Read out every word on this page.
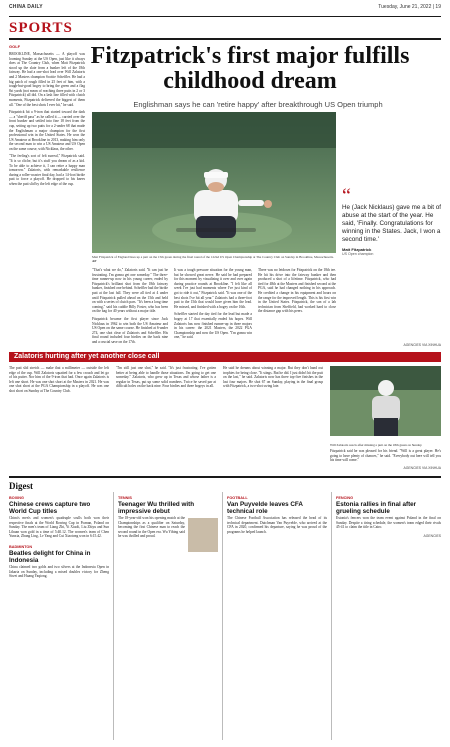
CHINA DAILY	Tuesday, June 21, 2022 | 19
SPORTS
GOLF

BROOKLINE, Massachusetts — A playoff was looming Sunday at the US Open, just like it always does at The Country Club, when Matt Fitzpatrick stood up the slate from a bunker left of the 18th fairway. He had a one-shot lead over Will Zalatoris and 2 Masters champion Scottie Scheffler. He had a big patch of rough filled in 25 feet of him, with a tough-but-good bogey to bring the green and a flag 8st yards (not mean of reaching three putts in 2 or 3 Fitzpatrick) all did. On a lash line filled with clutch moments, Fitzpatrick delivered the biggest of them all. "One of the best shots I ever hit," he said.

Fitzpatrick hit a 9-iron that started toward the dark — a "sheriff pass" as he called it — carried over the front bunker and settled into fine 18 feet from the cup, setting up two putts for a 2-under 68 that made the Englishman a major champion for the first professional win in the United States. He won the US Amateur at Brookline in 2013, making him only the second man to win a US Amateur and US Open on the same course, with Nicklaus, the other.

"The feeling's sort of felt surreal," Fitzpatrick said. "It is so cliche, but it's stuff you dream of as a kid. To be able to achieve it, I can retire a happy man tomorrow." Zalatoris, with remarkable resilience during a roller-coaster final day, had a 14-foot birdie putt to force a playoff. He dropped to his knees when the putt slid by the left edge of the cup.

Fitzpatrick's first major fulfills childhood dream
Englishman says he can 'retire happy' after breakthrough US Open triumph
Matt Fitzpatrick of England lines up a putt on the 15th green during the final round of the 122nd US Open Championship at The Country Club on Sunday in Brookline, Massachusetts. AP
“
He (Jack Nicklaus) gave me a bit of abuse at the start of the year. He said, 'Finally. Congratulations for winning in the States. Jack, I won a second time.'
Matt Fitzpatrick
US Open champion

"That's what we do," Zalatoris said. "It can just be frustrating. I'm gonna get one someday." The three-time runner-up now in his young career, ended by Fitzpatrick's brilliant shot from the 18th fairway bunker, finished one behind. Scheffler had the birdie putt at the last fall. They were all tied at 4 under until Fitzpatrick pulled ahead on the 15th and held on with a series of clutch pars. "It's been a long time coming," said his caddie Billy Foster, who has been on the bag for 40 years without a major title.

Fitzpatrick became the first player since Jack Nicklaus in 1962 to win both the US Amateur and US Open on the same course. He finished at 6-under 274, one shot clear of Zalatoris and Scheffler. His final round included four birdies on the back nine and a crucial save on the 17th.

It was a tough pressure situation for the young man, but he showed great nerve. He said he had prepared for this moment by visualizing it over and over again during practice rounds at Brookline. "I felt like all week I've just had moments where I've just kind of got to ride it out," Fitzpatrick said. "It was one of the best shots I've hit all year." Zalatoris had a three-foot putt to the 15th that would have given him the lead. He missed, and finished with a bogey on the 16th.

Scheffler started the day tied for the lead but made a bogey at 17 that essentially ended his hopes. Will Zalatoris has now finished runner-up in three majors in his career: the 2021 Masters, the 2022 PGA Championship and now the US Open. "I'm gonna win one," he said.

There was no letdown for Fitzpatrick on the 18th tee. He hit his drive into the fairway bunker and then produced a shot of a lifetime. Fitzpatrick, who had tied for 48th at the Masters and finished second at the PGA, said he had changed nothing in his approach. He credited a change in his equipment and hours on the range for the improved length. This is his first win in the United States. Fitzpatrick, the son of a lab technician from Sheffield, had worked hard to close the distance gap with his peers.

AGENCIES VIA XINHUA
Zalatoris hurting after yet another close call

The putt slid stretch — make that a millimeter — outside the left edge of the cup. Will Zalatoris squatted for a few crouch and let go of his putter. Nor him of the 9-iron that had. Once again Zalatoris is left one short. He was one shot short at the Masters in 2021. He was one shot short at the PGA Championship in a playoff. He was one shot short on Sunday at The Country Club.

"I'm still just one shot," he said. "It's just frustrating. I've gotten better at being able to handle those situations. I'm going to get one someday." Zalatoris, who grew up in Texas and whose father is a regular in Texas, put up some solid numbers. Twice he saved par at difficult holes on the back nine. Four birdies and three bogeys in all.

He said he dreams about winning a major. But they don't hand out trophies for being close. "It stings. But he did. I just didn't hit the putt on the last," he said. Zalatoris now has three top-five finishes in the last four majors. He shot 67 on Sunday, playing in the final group with Fitzpatrick, a two-shot swing late.

Will Zalatoris reacts after missing a putt on the 18th green on Sunday.
Fitzpatrick said he was pleased for his friend. "Will is a great player. He's going to have plenty of chances," he said. "Everybody out here will tell you his time will come."
AGENCIES VIA XINHUA
Digest
BOXING
Chinese crews capture two World Cup titles
China's men's and women's quadruple sculls both won their respective finals at the World Rowing Cup in Poznan, Poland on Sunday. The men's team of Liang Zhi, Yi Xiaoli, Liu Zhiyu and Sun Lihuan won gold in a time of 5:40.12. The women's team of Chen Yunxia, Zhang Ling, Lv Yang and Cui Xiaotong won in 6:15.42.
BADMINTON
Beatles delight for China in Indonesia
China claimed two golds and two silvers at the Indonesia Open in Jakarta on Sunday, including a mixed doubles victory for Zheng Siwei and Huang Yaqiong.
TENNIS
Teenager Wu thrilled with impressive debut
The 18-year-old won his opening match at the Championships as a qualifier on Saturday, becoming the first Chinese man to reach the second round in the Open era. Wu Yibing said he was thrilled and proud.
FOOTBALL
Van Puyvelde leaves CFA technical role
The Chinese Football Association has released the head of its technical department. Dutchman Van Puyvelde, who arrived at the CFA in 2020, confirmed his departure, saying he was proud of the programs he helped launch.
FENCING
Estonia rallies in final after grueling schedule
Estonia's fencers won the team event against Poland in the final on Sunday. Despite a tiring schedule, the women's team edged their rivals 45-41 to claim the title in Cairo.
AGENCIES
